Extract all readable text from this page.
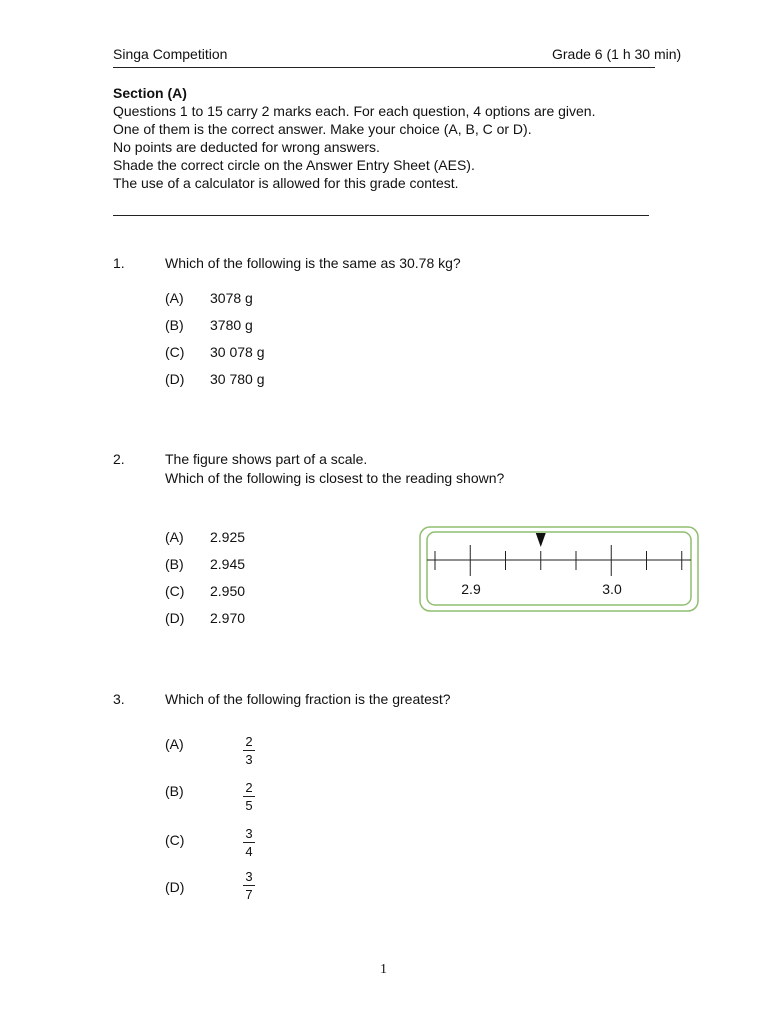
Singa Competition	Grade 6 (1 h 30 min)
Section (A)
Questions 1 to 15 carry 2 marks each. For each question, 4 options are given.
One of them is the correct answer. Make your choice (A, B, C or D).
No points are deducted for wrong answers.
Shade the correct circle on the Answer Entry Sheet (AES).
The use of a calculator is allowed for this grade contest.
1.	Which of the following is the same as 30.78 kg?
(A) 3078 g
(B) 3780 g
(C) 30 078 g
(D) 30 780 g
2.	The figure shows part of a scale.
Which of the following is closest to the reading shown?
(A) 2.925
(B) 2.945
(C) 2.950
(D) 2.970
2.9	3.0
3.	Which of the following fraction is the greatest?
(A)	2
3
(B)	2
5
(C)	3
4
(D)
3
7
1
